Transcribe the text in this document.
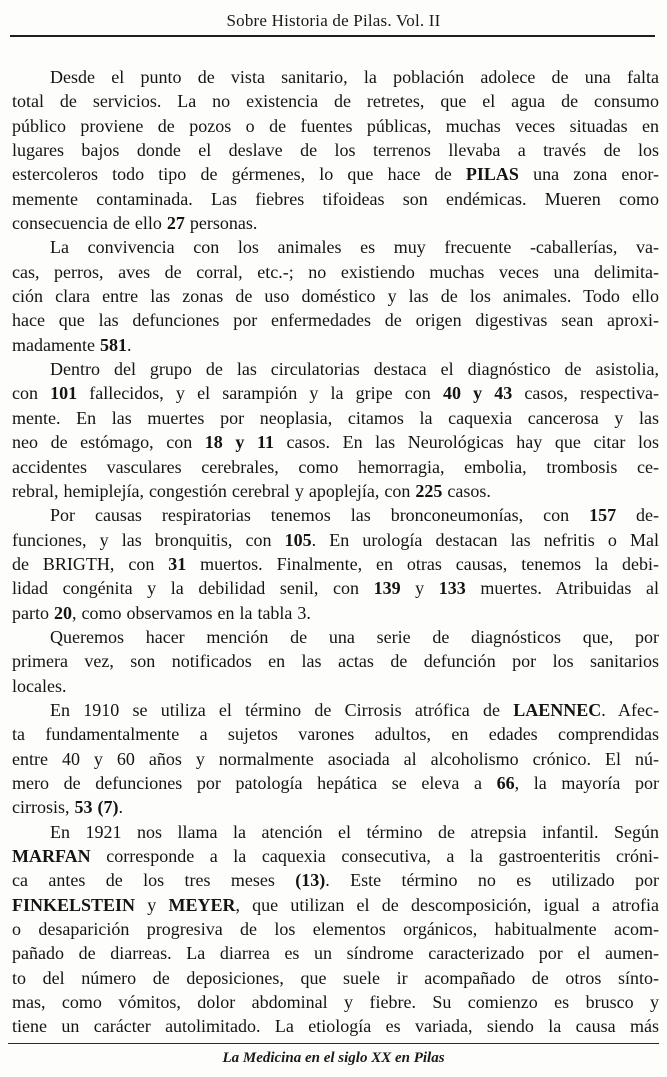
Sobre Historia de Pilas. Vol. II
Desde el punto de vista sanitario, la población adolece de una falta
total de servicios. La no existencia de retretes, que el agua de consumo
público proviene de pozos o de fuentes públicas, muchas veces situadas en
lugares bajos donde el deslave de los terrenos llevaba a través de los
estercoleros todo tipo de gérmenes, lo que hace de PILAS una zona enor-
memente contaminada. Las fiebres tifoideas son endémicas. Mueren como
consecuencia de ello 27 personas.
La convivencia con los animales es muy frecuente -caballerías, va-
cas, perros, aves de corral, etc.-; no existiendo muchas veces una delimita-
ción clara entre las zonas de uso doméstico y las de los animales. Todo ello
hace que las defunciones por enfermedades de origen digestivas sean aproxi-
madamente 581.
Dentro del grupo de las circulatorias destaca el diagnóstico de asistolia,
con 101 fallecidos, y el sarampión y la gripe con 40 y 43 casos, respectiva-
mente. En las muertes por neoplasia, citamos la caquexia cancerosa y las
neo de estómago, con 18 y 11 casos. En las Neurológicas hay que citar los
accidentes vasculares cerebrales, como hemorragia, embolia, trombosis ce-
rebral, hemiplejía, congestión cerebral y apoplejía, con 225 casos.
Por causas respiratorias tenemos las bronconeumonías, con 157 de-
funciones, y las bronquitis, con 105. En urología destacan las nefritis o Mal
de BRIGTH, con 31 muertos. Finalmente, en otras causas, tenemos la debi-
lidad congénita y la debilidad senil, con 139 y 133 muertes. Atribuidas al
parto 20, como observamos en la tabla 3.
Queremos hacer mención de una serie de diagnósticos que, por
primera vez, son notificados en las actas de defunción por los sanitarios
locales.
En 1910 se utiliza el término de Cirrosis atrófica de LAENNEC. Afec-
ta fundamentalmente a sujetos varones adultos, en edades comprendidas
entre 40 y 60 años y normalmente asociada al alcoholismo crónico. El nú-
mero de defunciones por patología hepática se eleva a 66, la mayoría por
cirrosis, 53 (7).
En 1921 nos llama la atención el término de atrepsia infantil. Según
MARFAN corresponde a la caquexia consecutiva, a la gastroenteritis cróni-
ca antes de los tres meses (13). Este término no es utilizado por
FINKELSTEIN y MEYER, que utilizan el de descomposición, igual a atrofia
o desaparición progresiva de los elementos orgánicos, habitualmente acom-
pañado de diarreas. La diarrea es un síndrome caracterizado por el aumen-
to del número de deposiciones, que suele ir acompañado de otros sínto-
mas, como vómitos, dolor abdominal y fiebre. Su comienzo es brusco y
tiene un carácter autolimitado. La etiología es variada, siendo la causa más
La Medicina en el siglo XX en Pilas
